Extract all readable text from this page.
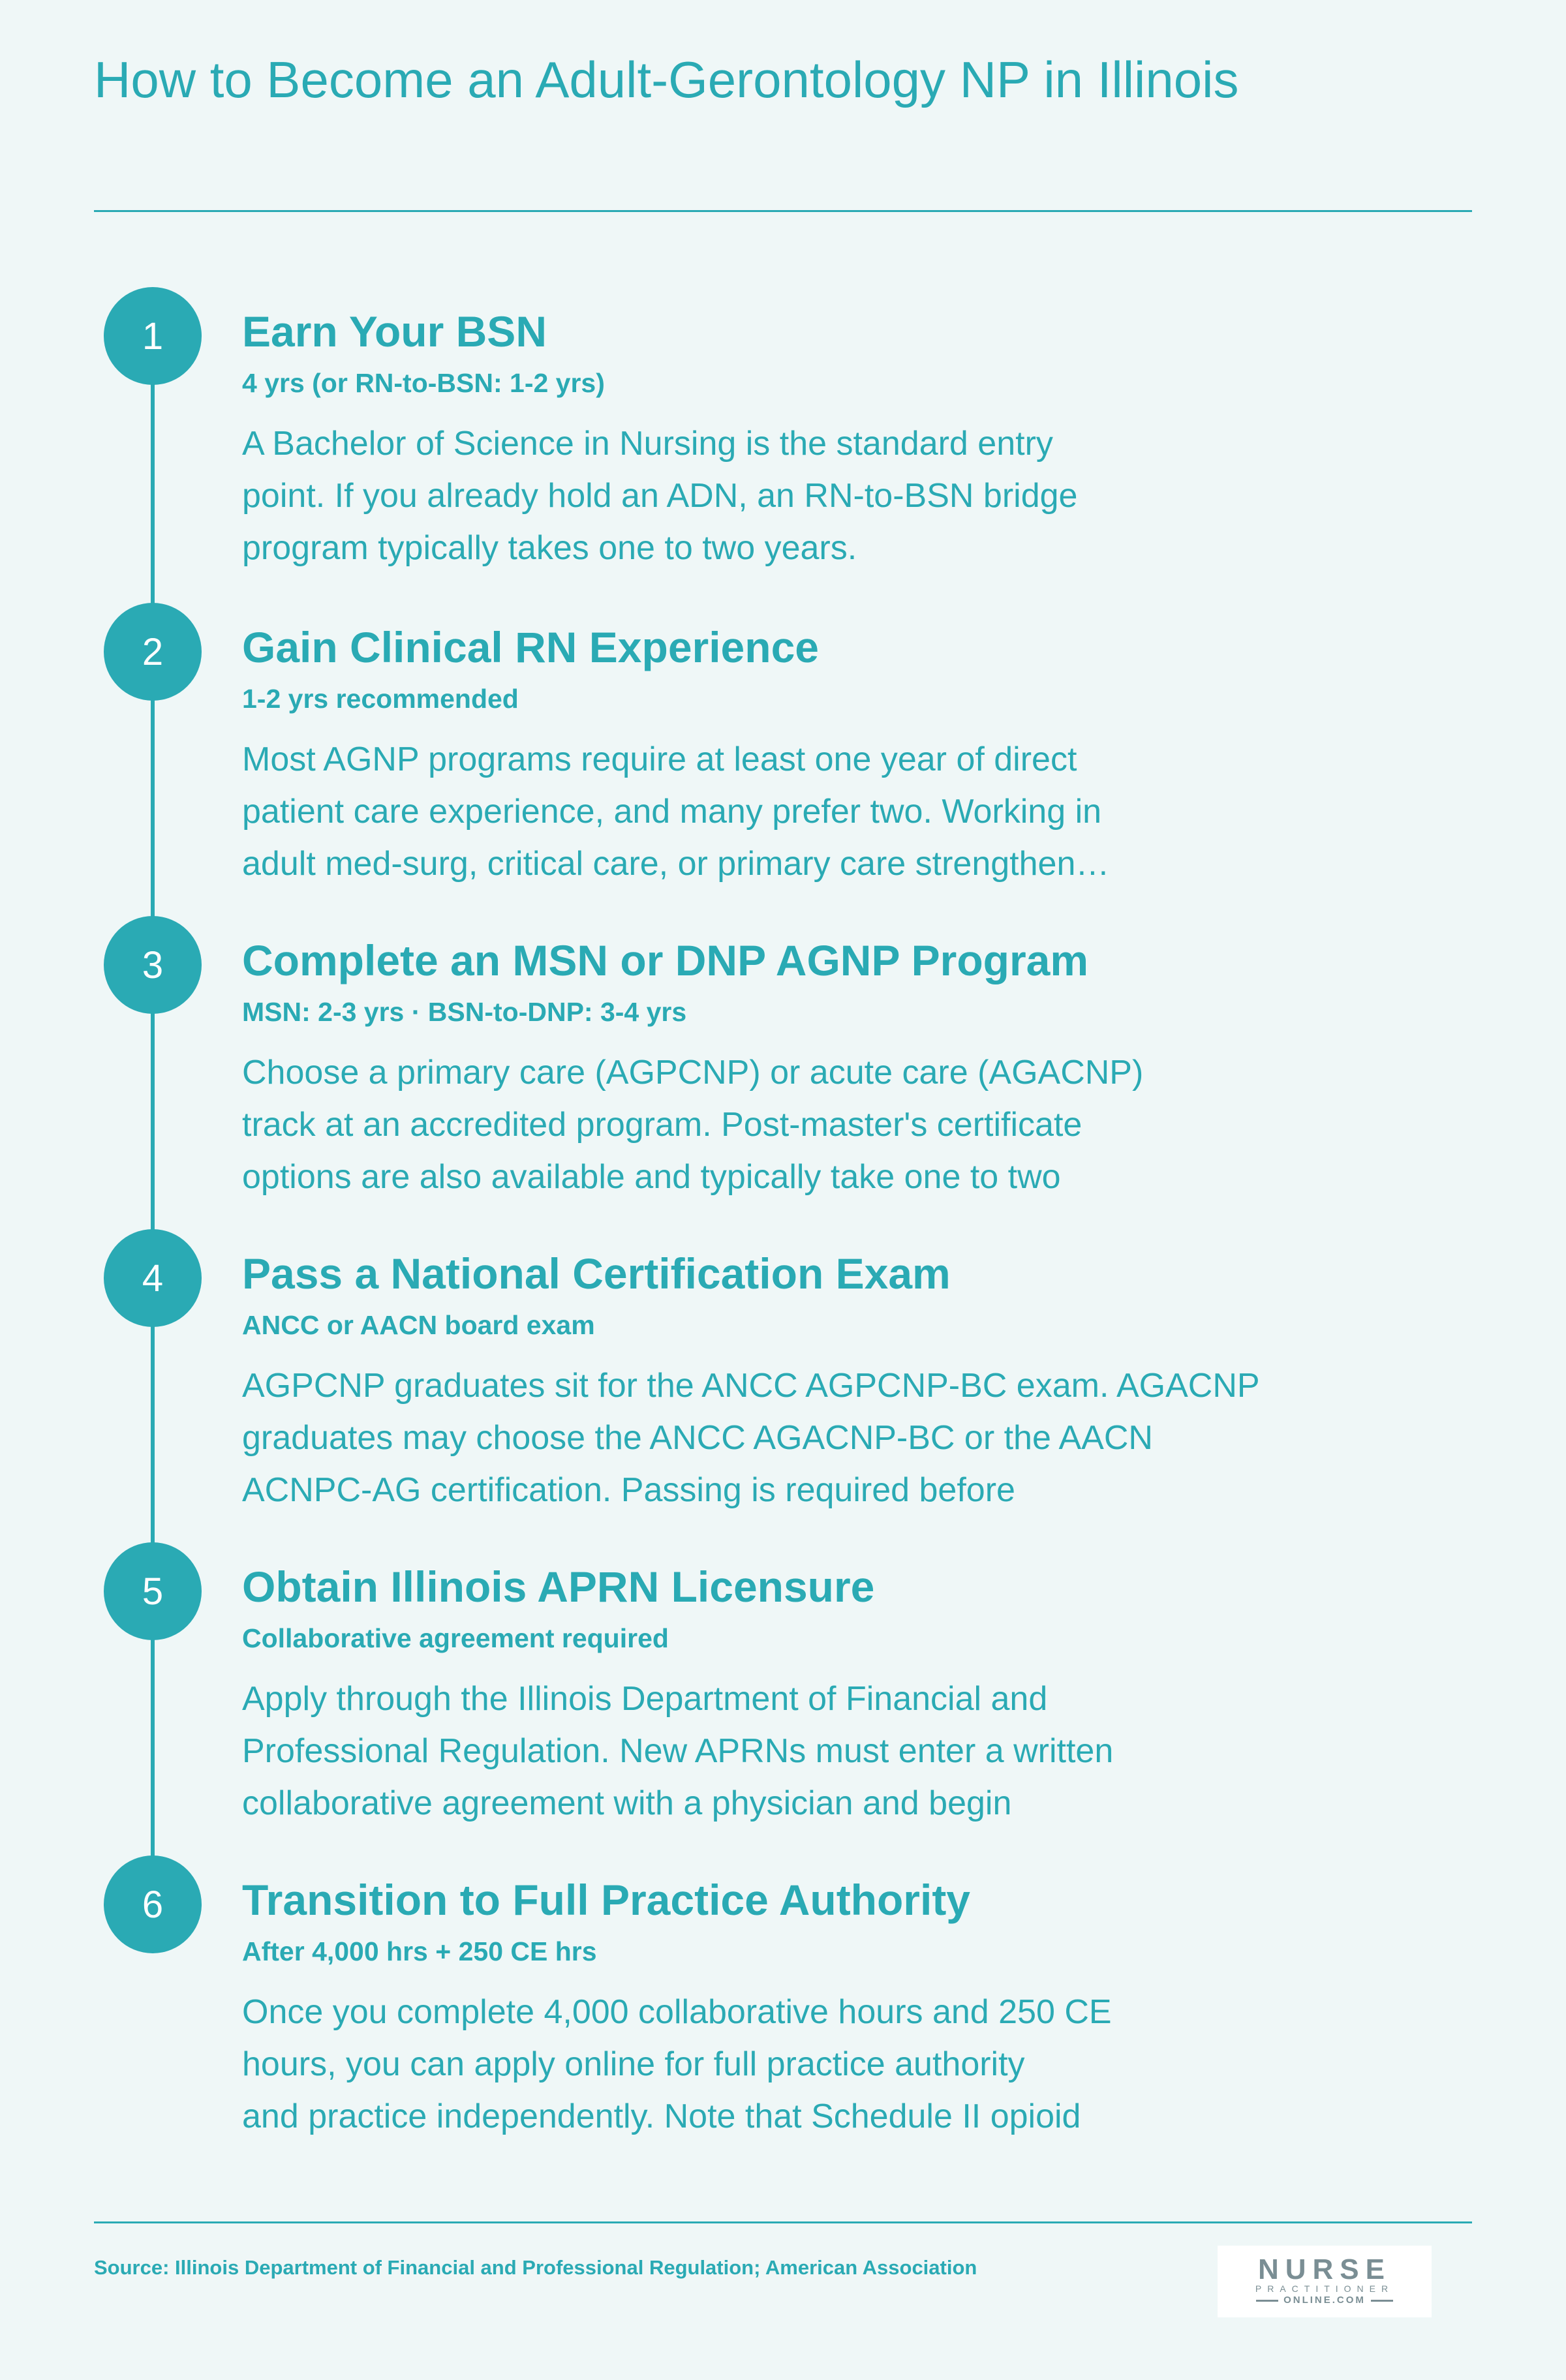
How to Become an Adult-Gerontology NP in Illinois
1	Earn Your BSN

4 yrs (or RN-to-BSN: 1-2 yrs)

A Bachelor of Science in Nursing is the standard entry
point. If you already hold an ADN, an RN-to-BSN bridge
program typically takes one to two years.

2	Gain Clinical RN Experience

1-2 yrs recommended

Most AGNP programs require at least one year of direct
patient care experience, and many prefer two. Working in
adult med-surg, critical care, or primary care strengthen…

3	Complete an MSN or DNP AGNP Program

MSN: 2-3 yrs · BSN-to-DNP: 3-4 yrs

Choose a primary care (AGPCNP) or acute care (AGACNP)
track at an accredited program. Post-master's certificate
options are also available and typically take one to two

4	Pass a National Certification Exam

ANCC or AACN board exam

AGPCNP graduates sit for the ANCC AGPCNP-BC exam. AGACNP
graduates may choose the ANCC AGACNP-BC or the AACN
ACNPC-AG certification. Passing is required before

5	Obtain Illinois APRN Licensure

Collaborative agreement required

Apply through the Illinois Department of Financial and
Professional Regulation. New APRNs must enter a written
collaborative agreement with a physician and begin

6	Transition to Full Practice Authority

After 4,000 hrs + 250 CE hrs

Once you complete 4,000 collaborative hours and 250 CE
hours, you can apply online for full practice authority
and practice independently. Note that Schedule II opioid

Source: Illinois Department of Financial and Professional Regulation; American Association	NURSE
PRACTITIONER
ONLINE.COM
